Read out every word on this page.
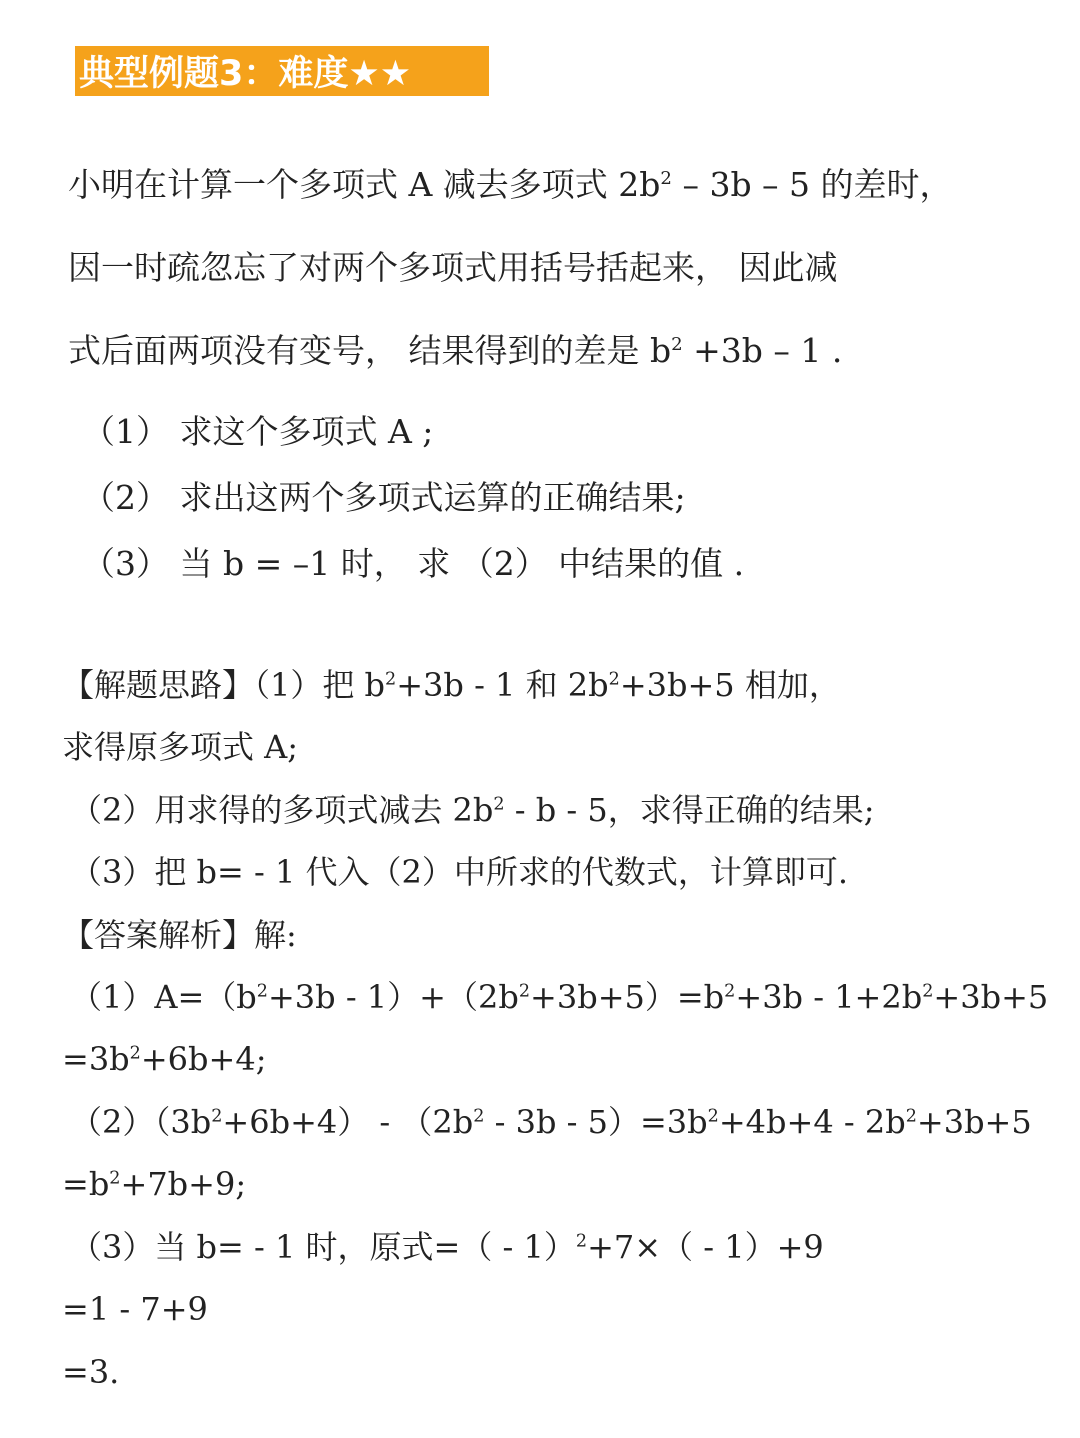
典型例题3：难度★★
小明在计算一个多项式 A 减去多项式 $2b^2 - 3b - 5$ 的差时，
因一时疏忽忘了对两个多项式用括号括起来， 因此减
式后面两项没有变号， 结果得到的差是 $b^2 +3b - 1$ .
（1） 求这个多项式 A ;
（2） 求出这两个多项式运算的正确结果;
（3） 当 b = –1 时， 求 （2） 中结果的值 .
【解题思路】（1）把 $b^2+3b - 1$ 和 $2b^2+3b+5$ 相加，
求得原多项式 A;
（2）用求得的多项式减去 $2b^2$ - b - 5，求得正确的结果;
（3）把 b= - 1 代入（2）中所求的代数式，计算即可.
【答案解析】解:
$(1)A=(b^2+3b - 1)+(2b^2+3b+5)=b^2+3b - 1+2b^2+3b+5$
$=3b^2+6b+4$;
$(2)(3b^2+6b+4) - (2b^2 - 3b - 5)=3b^2+4b+4 - 2b^2+3b+5$
$=b^2+7b+9$;
（3）当 b= - 1 时，原式=（ - 1）$^2$+7×（ - 1）+9
=1 - 7+9
=3.
